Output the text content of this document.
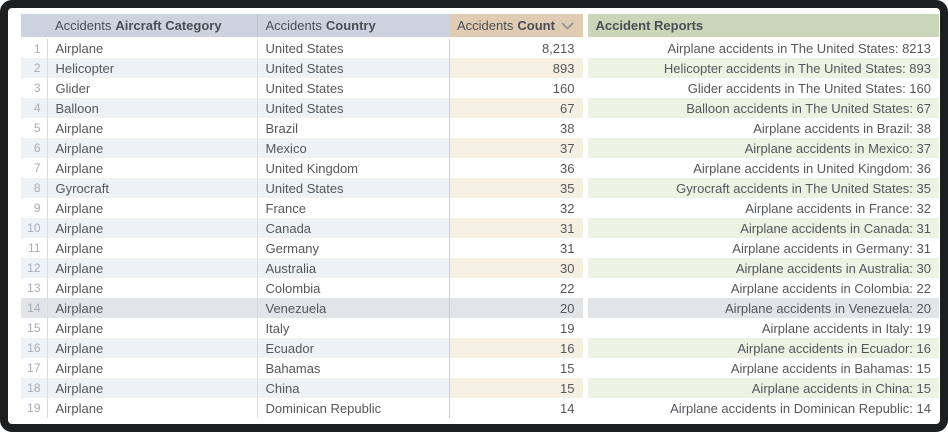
	Accidents Aircraft Category	Accidents Country	Accidents Count	Accident Reports
1	Airplane	United States	8,213	Airplane accidents in The United States: 8213
2	Helicopter	United States	893	Helicopter accidents in The United States: 893
3	Glider	United States	160	Glider accidents in The United States: 160
4	Balloon	United States	67	Balloon accidents in The United States: 67
5	Airplane	Brazil	38	Airplane accidents in Brazil: 38
6	Airplane	Mexico	37	Airplane accidents in Mexico: 37
7	Airplane	United Kingdom	36	Airplane accidents in United Kingdom: 36
8	Gyrocraft	United States	35	Gyrocraft accidents in The United States: 35
9	Airplane	France	32	Airplane accidents in France: 32
10	Airplane	Canada	31	Airplane accidents in Canada: 31
11	Airplane	Germany	31	Airplane accidents in Germany: 31
12	Airplane	Australia	30	Airplane accidents in Australia: 30
13	Airplane	Colombia	22	Airplane accidents in Colombia: 22
14	Airplane	Venezuela	20	Airplane accidents in Venezuela: 20
15	Airplane	Italy	19	Airplane accidents in Italy: 19
16	Airplane	Ecuador	16	Airplane accidents in Ecuador: 16
17	Airplane	Bahamas	15	Airplane accidents in Bahamas: 15
18	Airplane	China	15	Airplane accidents in China: 15
19	Airplane	Dominican Republic	14	Airplane accidents in Dominican Republic: 14
